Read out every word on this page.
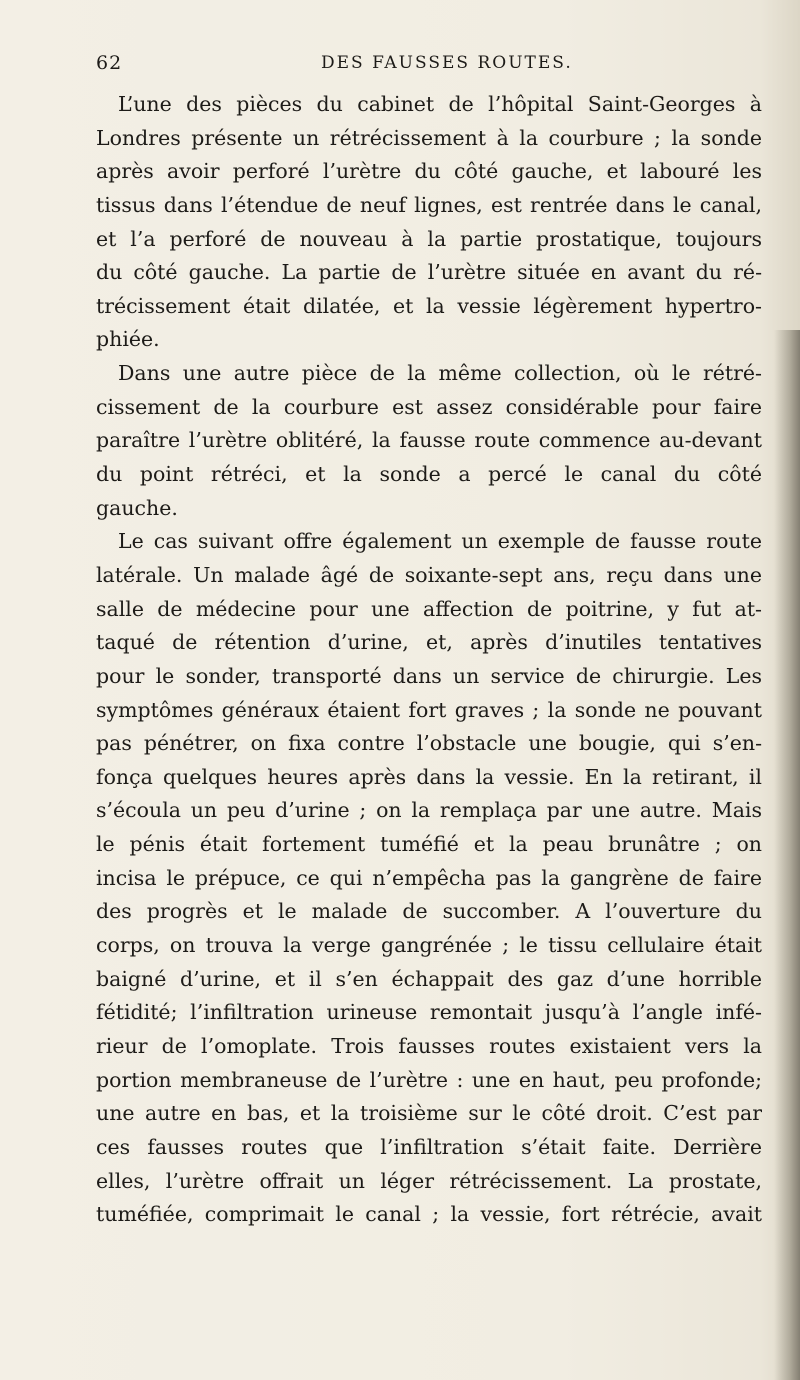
62	DES FAUSSES ROUTES.
L’une des pièces du cabinet de l’hôpital Saint-Georges à
Londres présente un rétrécissement à la courbure ; la sonde
après avoir perforé l’urètre du côté gauche, et labouré les
tissus dans l’étendue de neuf lignes, est rentrée dans le canal,
et l’a perforé de nouveau à la partie prostatique, toujours
du côté gauche. La partie de l’urètre située en avant du ré-
trécissement était dilatée, et la vessie légèrement hypertro-
phiée.
Dans une autre pièce de la même collection, où le rétré-
cissement de la courbure est assez considérable pour faire
paraître l’urètre oblitéré, la fausse route commence au-devant
du point rétréci, et la sonde a percé le canal du côté
gauche.
Le cas suivant offre également un exemple de fausse route
latérale. Un malade âgé de soixante-sept ans, reçu dans une
salle de médecine pour une affection de poitrine, y fut at-
taqué de rétention d’urine, et, après d’inutiles tentatives
pour le sonder, transporté dans un service de chirurgie. Les
symptômes généraux étaient fort graves ; la sonde ne pouvant
pas pénétrer, on fixa contre l’obstacle une bougie, qui s’en-
fonça quelques heures après dans la vessie. En la retirant, il
s’écoula un peu d’urine ; on la remplaça par une autre. Mais
le pénis était fortement tuméfié et la peau brunâtre ; on
incisa le prépuce, ce qui n’empêcha pas la gangrène de faire
des progrès et le malade de succomber. A l’ouverture du
corps, on trouva la verge gangrénée ; le tissu cellulaire était
baigné d’urine, et il s’en échappait des gaz d’une horrible
fétidité; l’infiltration urineuse remontait jusqu’à l’angle infé-
rieur de l’omoplate. Trois fausses routes existaient vers la
portion membraneuse de l’urètre : une en haut, peu profonde;
une autre en bas, et la troisième sur le côté droit. C’est par
ces fausses routes que l’infiltration s’était faite. Derrière
elles, l’urètre offrait un léger rétrécissement. La prostate,
tuméfiée, comprimait le canal ; la vessie, fort rétrécie, avait
